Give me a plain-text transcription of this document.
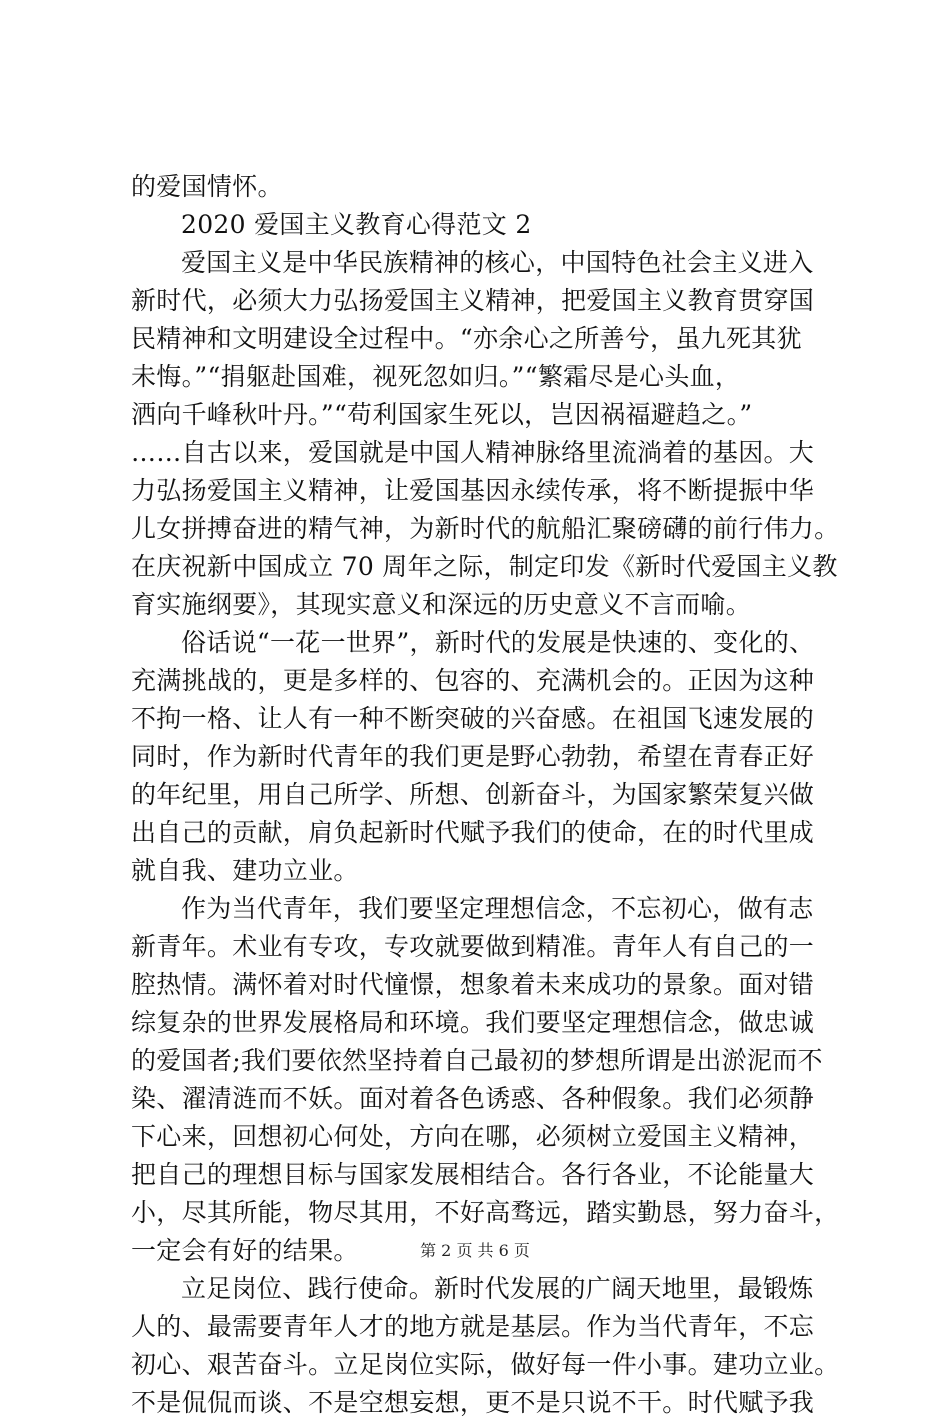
的爱国情怀。
2020 爱国主义教育心得范文 2
爱国主义是中华民族精神的核心，中国特色社会主义进入
新时代，必须大力弘扬爱国主义精神，把爱国主义教育贯穿国
民精神和文明建设全过程中。“亦余心之所善兮，虽九死其犹
未悔。”“捐躯赴国难，视死忽如归。”“繁霜尽是心头血，
洒向千峰秋叶丹。”“苟利国家生死以，岂因祸福避趋之。”
……自古以来，爱国就是中国人精神脉络里流淌着的基因。大
力弘扬爱国主义精神，让爱国基因永续传承，将不断提振中华
儿女拼搏奋进的精气神，为新时代的航船汇聚磅礴的前行伟力。
在庆祝新中国成立 70 周年之际，制定印发《新时代爱国主义教
育实施纲要》，其现实意义和深远的历史意义不言而喻。
俗话说“一花一世界”，新时代的发展是快速的、变化的、
充满挑战的，更是多样的、包容的、充满机会的。正因为这种
不拘一格、让人有一种不断突破的兴奋感。在祖国飞速发展的
同时，作为新时代青年的我们更是野心勃勃，希望在青春正好
的年纪里，用自己所学、所想、创新奋斗，为国家繁荣复兴做
出自己的贡献，肩负起新时代赋予我们的使命，在的时代里成
就自我、建功立业。
作为当代青年，我们要坚定理想信念，不忘初心，做有志
新青年。术业有专攻，专攻就要做到精准。青年人有自己的一
腔热情。满怀着对时代憧憬，想象着未来成功的景象。面对错
综复杂的世界发展格局和环境。我们要坚定理想信念，做忠诚
的爱国者;我们要依然坚持着自己最初的梦想所谓是出淤泥而不
染、濯清涟而不妖。面对着各色诱惑、各种假象。我们必须静
下心来，回想初心何处，方向在哪，必须树立爱国主义精神，
把自己的理想目标与国家发展相结合。各行各业，不论能量大
小，尽其所能，物尽其用，不好高骛远，踏实勤恳，努力奋斗，
一定会有好的结果。
立足岗位、践行使命。新时代发展的广阔天地里，最锻炼
人的、最需要青年人才的地方就是基层。作为当代青年，不忘
初心、艰苦奋斗。立足岗位实际，做好每一件小事。建功立业。
不是侃侃而谈、不是空想妄想，更不是只说不干。时代赋予我
第 2 页 共 6 页
